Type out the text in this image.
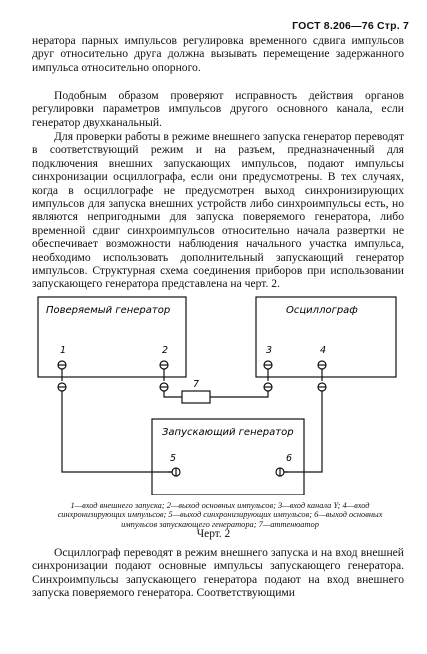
ГОСТ 8.206—76 Стр. 7

нератора парных импульсов регулировка временного сдвига импульсов друг относительно друга должна вызывать перемещение задержанного импульса относительно опорного.

Подобным образом проверяют исправность действия органов регулировки параметров импульсов другого основного канала, если генератор двухканальный.

Для проверки работы в режиме внешнего запуска генератор переводят в соответствующий режим и на разъем, предназначенный для подключения внешних запускающих импульсов, подают импульсы синхронизации осциллографа, если они предусмотрены. В тех случаях, когда в осциллографе не предусмотрен выход синхронизирующих импульсов для запуска внешних устройств либо синхроимпульсы есть, но являются непригодными для запуска поверяемого генератора, либо временной сдвиг синхроимпульсов относительно начала развертки не обеспечивает возможности наблюдения начального участка импульса, необходимо использовать дополнительный запускающий генератор импульсов. Структурная схема соединения приборов при использовании запускающего генератора представлена на черт. 2.

Поверяемый генератор	Осциллограф
Запускающий генератор
1	2	3	4
5	6
7
1—вход внешнего запуска; 2—выход основных импульсов; 3—вход канала Y; 4—вход синхронизирующих импульсов; 5—выход синхронизирующих импульсов; 6—выход основных импульсов запускающего генератора; 7—аттенюатор
Черт. 2

Осциллограф переводят в режим внешнего запуска и на вход внешней синхронизации подают основные импульсы запускающего генератора. Синхроимпульсы запускающего генератора подают на вход внешнего запуска поверяемого генератора. Соответствующими
